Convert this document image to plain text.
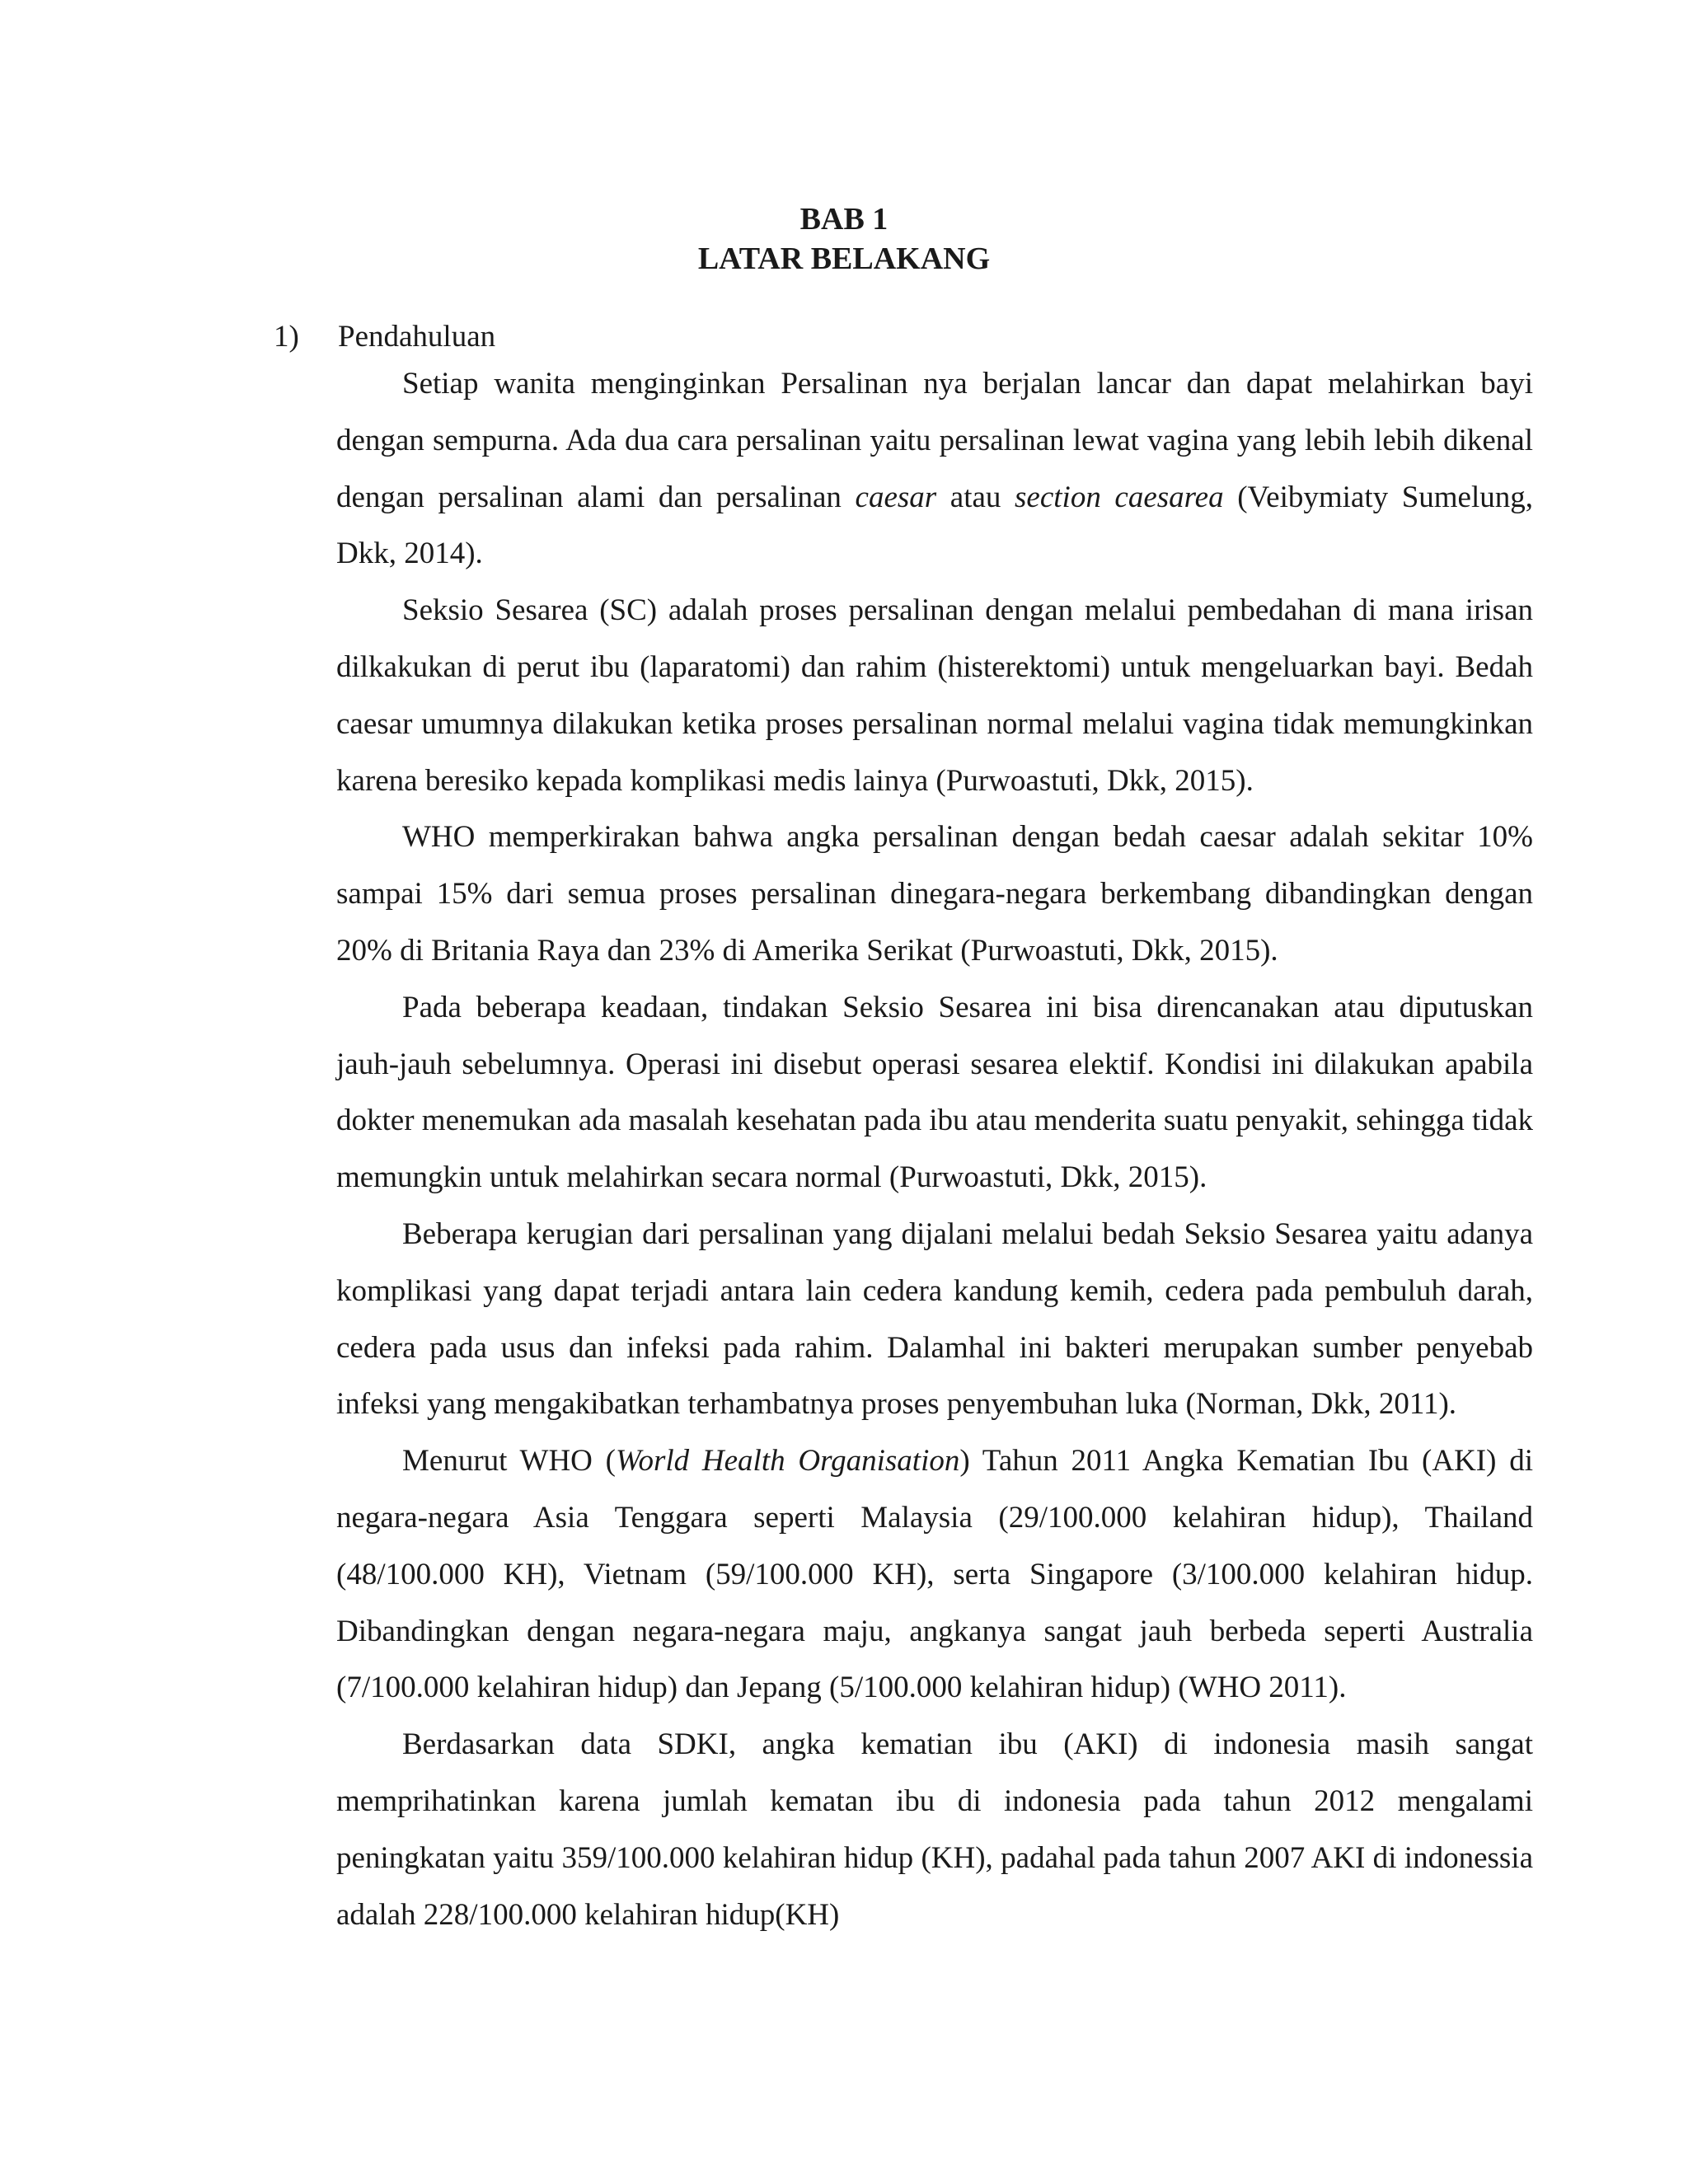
BAB 1
LATAR BELAKANG
1) Pendahuluan

Setiap wanita menginginkan Persalinan nya berjalan lancar dan dapat melahirkan bayi dengan sempurna. Ada dua cara persalinan yaitu persalinan lewat vagina yang lebih lebih dikenal dengan persalinan alami dan persalinan caesar atau section caesarea (Veibymiaty Sumelung, Dkk, 2014).

Seksio Sesarea (SC) adalah proses persalinan dengan melalui pembedahan di mana irisan dilkakukan di perut ibu (laparatomi) dan rahim (histerektomi) untuk mengeluarkan bayi. Bedah caesar umumnya dilakukan ketika proses persalinan normal melalui vagina tidak memungkinkan karena beresiko kepada komplikasi medis lainya (Purwoastuti, Dkk, 2015).

WHO memperkirakan bahwa angka persalinan dengan bedah caesar adalah sekitar 10% sampai 15% dari semua proses persalinan dinegara-negara berkembang dibandingkan dengan 20% di Britania Raya dan 23% di Amerika Serikat (Purwoastuti, Dkk, 2015).

Pada beberapa keadaan, tindakan Seksio Sesarea ini bisa direncanakan atau diputuskan jauh-jauh sebelumnya. Operasi ini disebut operasi sesarea elektif. Kondisi ini dilakukan apabila dokter menemukan ada masalah kesehatan pada ibu atau menderita suatu penyakit, sehingga tidak memungkin untuk melahirkan secara normal (Purwoastuti, Dkk, 2015).

Beberapa kerugian dari persalinan yang dijalani melalui bedah Seksio Sesarea yaitu adanya komplikasi yang dapat terjadi antara lain cedera kandung kemih, cedera pada pembuluh darah, cedera pada usus dan infeksi pada rahim. Dalamhal ini bakteri merupakan sumber penyebab infeksi yang mengakibatkan terhambatnya proses penyembuhan luka (Norman, Dkk, 2011).

Menurut WHO (World Health Organisation) Tahun 2011 Angka Kematian Ibu (AKI) di negara-negara Asia Tenggara seperti Malaysia (29/100.000 kelahiran hidup), Thailand (48/100.000 KH), Vietnam (59/100.000 KH), serta Singapore (3/100.000 kelahiran hidup. Dibandingkan dengan negara-negara maju, angkanya sangat jauh berbeda seperti Australia (7/100.000 kelahiran hidup) dan Jepang (5/100.000 kelahiran hidup) (WHO 2011).

Berdasarkan data SDKI, angka kematian ibu (AKI) di indonesia masih sangat memprihatinkan karena jumlah kematan ibu di indonesia pada tahun 2012 mengalami peningkatan yaitu 359/100.000 kelahiran hidup (KH), padahal pada tahun 2007 AKI di indonessia adalah 228/100.000 kelahiran hidup(KH)
